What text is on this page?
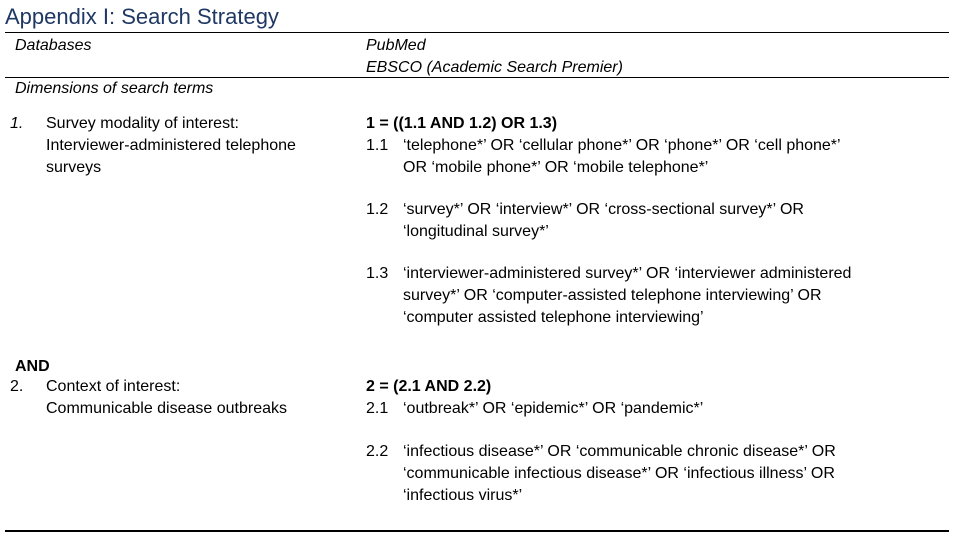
Appendix I: Search Strategy
Databases	PubMed
EBSCO (Academic Search Premier)
Dimensions of search terms
1. Survey modality of interest:
Interviewer-administered telephone
surveys
1 = ((1.1 AND 1.2) OR 1.3)
1.1 ‘telephone*’ OR ‘cellular phone*’ OR ‘phone*’ OR ‘cell phone*’
OR ‘mobile phone*’ OR ‘mobile telephone*’
1.2 ‘survey*’ OR ‘interview*’ OR ‘cross-sectional survey*’ OR
‘longitudinal survey*’
1.3 ‘interviewer-administered survey*’ OR ‘interviewer administered
survey*’ OR ‘computer-assisted telephone interviewing’ OR
‘computer assisted telephone interviewing’
AND
2. Context of interest:
Communicable disease outbreaks
2 = (2.1 AND 2.2)
2.1 ‘outbreak*’ OR ‘epidemic*’ OR ‘pandemic*’
2.2 ‘infectious disease*’ OR ‘communicable chronic disease*’ OR
‘communicable infectious disease*’ OR ‘infectious illness’ OR
‘infectious virus*’
